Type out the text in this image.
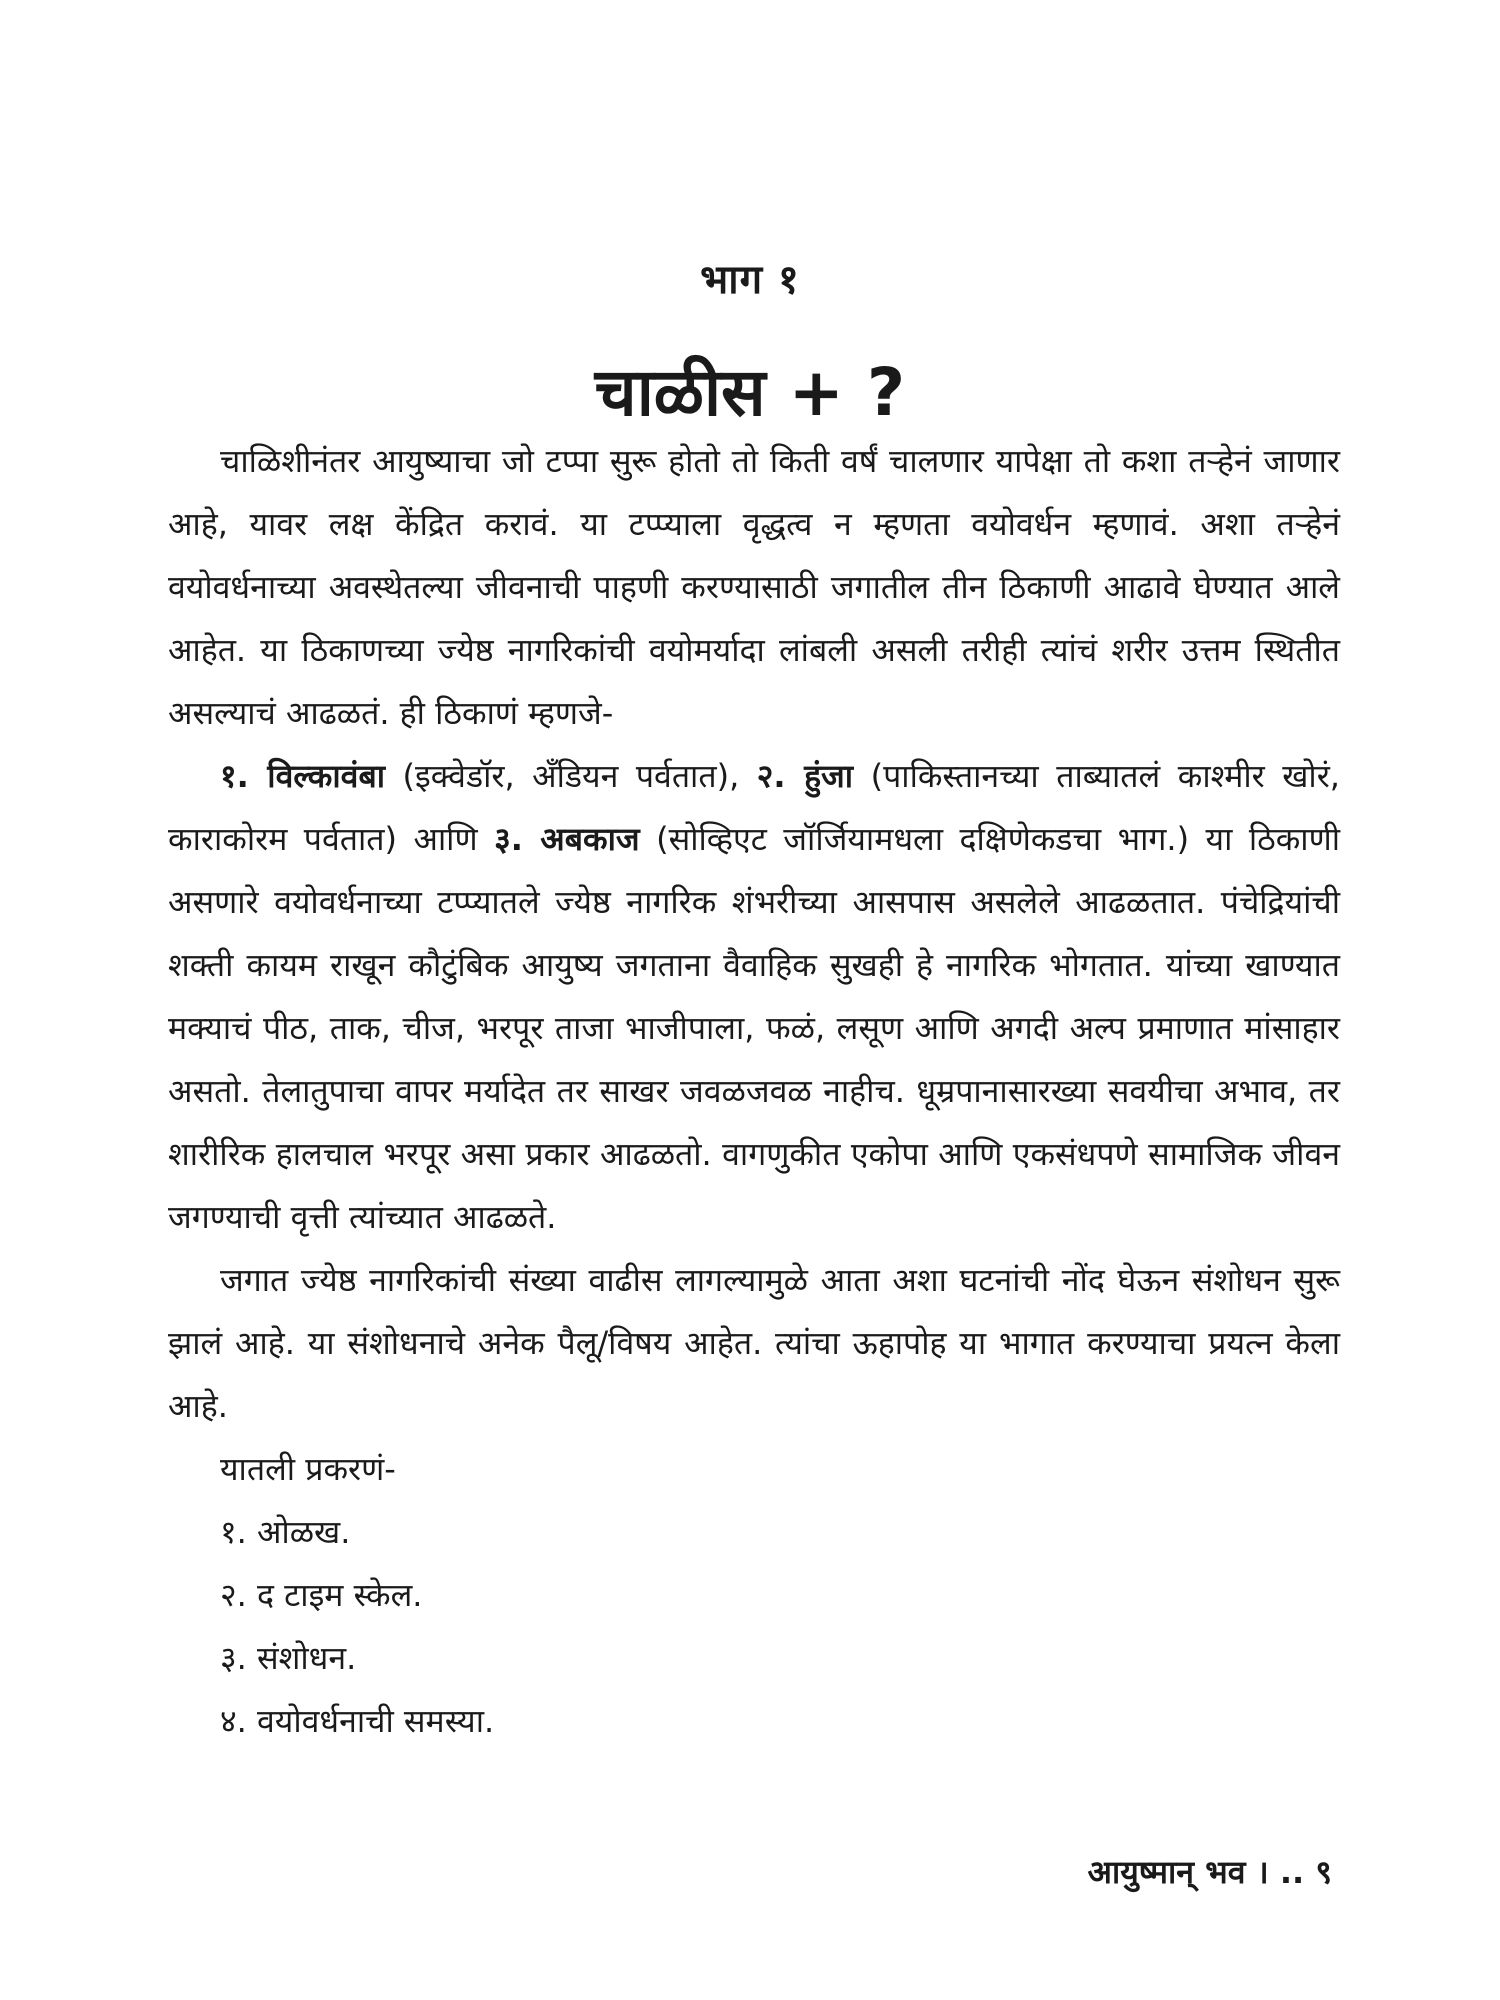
भाग १
चाळीस + ?

चाळिशीनंतर आयुष्याचा जो टप्पा सुरू होतो तो किती वर्षं चालणार यापेक्षा तो कशा तऱ्हेनं जाणार आहे, यावर लक्ष केंद्रित करावं. या टप्प्याला वृद्धत्व न म्हणता वयोवर्धन म्हणावं. अशा तऱ्हेनं वयोवर्धनाच्या अवस्थेतल्या जीवनाची पाहणी करण्यासाठी जगातील तीन ठिकाणी आढावे घेण्यात आले आहेत. या ठिकाणच्या ज्येष्ठ नागरिकांची वयोमर्यादा लांबली असली तरीही त्यांचं शरीर उत्तम स्थितीत असल्याचं आढळतं. ही ठिकाणं म्हणजे-

१. विल्कावंबा (इक्वेडॉर, अँडियन पर्वतात), २. हुंजा (पाकिस्तानच्या ताब्यातलं काश्मीर खोरं, काराकोरम पर्वतात) आणि ३. अबकाज (सोव्हिएट जॉर्जियामधला दक्षिणेकडचा भाग.) या ठिकाणी असणारे वयोवर्धनाच्या टप्प्यातले ज्येष्ठ नागरिक शंभरीच्या आसपास असलेले आढळतात. पंचेद्रियांची शक्ती कायम राखून कौटुंबिक आयुष्य जगताना वैवाहिक सुखही हे नागरिक भोगतात. यांच्या खाण्यात मक्याचं पीठ, ताक, चीज, भरपूर ताजा भाजीपाला, फळं, लसूण आणि अगदी अल्प प्रमाणात मांसाहार असतो. तेलातुपाचा वापर मर्यादेत तर साखर जवळजवळ नाहीच. धूम्रपानासारख्या सवयीचा अभाव, तर शारीरिक हालचाल भरपूर असा प्रकार आढळतो. वागणुकीत एकोपा आणि एकसंधपणे सामाजिक जीवन जगण्याची वृत्ती त्यांच्यात आढळते.

जगात ज्येष्ठ नागरिकांची संख्या वाढीस लागल्यामुळे आता अशा घटनांची नोंद घेऊन संशोधन सुरू झालं आहे. या संशोधनाचे अनेक पैलू/विषय आहेत. त्यांचा ऊहापोह या भागात करण्याचा प्रयत्न केला आहे.

यातली प्रकरणं-

१. ओळख.
२. द टाइम स्केल.
३. संशोधन.
४. वयोवर्धनाची समस्या.
आयुष्मान् भव । .. ९
